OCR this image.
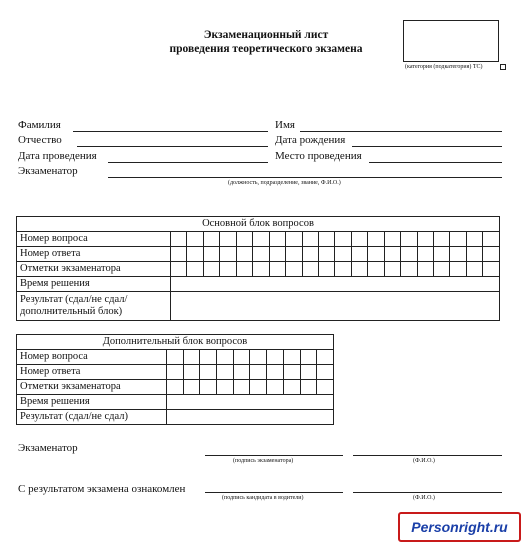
Экзаменационный лист
проведения теоретического экзамена
(категория (подкатегория) ТС)
Фамилия	Имя
Отчество	Дата рождения
Дата проведения	Место проведения
Экзаменатор
(должность, подразделение, звание, Ф.И.О.)
Основной блок вопросов																				
Номер вопроса																				
Номер ответа																				
Отметки экзаменатора																				
Время решения																				
Результат (сдал/не сдал/
дополнительный блок)																				
Дополнительный блок вопросов										
Номер вопроса										
Номер ответа										
Отметки экзаменатора										
Время решения										
Результат (сдал/не сдал)										
Экзаменатор
(подпись экзаменатора)	(Ф.И.О.)
С результатом экзамена ознакомлен
(подпись кандидата в водители)	(Ф.И.О.)
Personright.ru
